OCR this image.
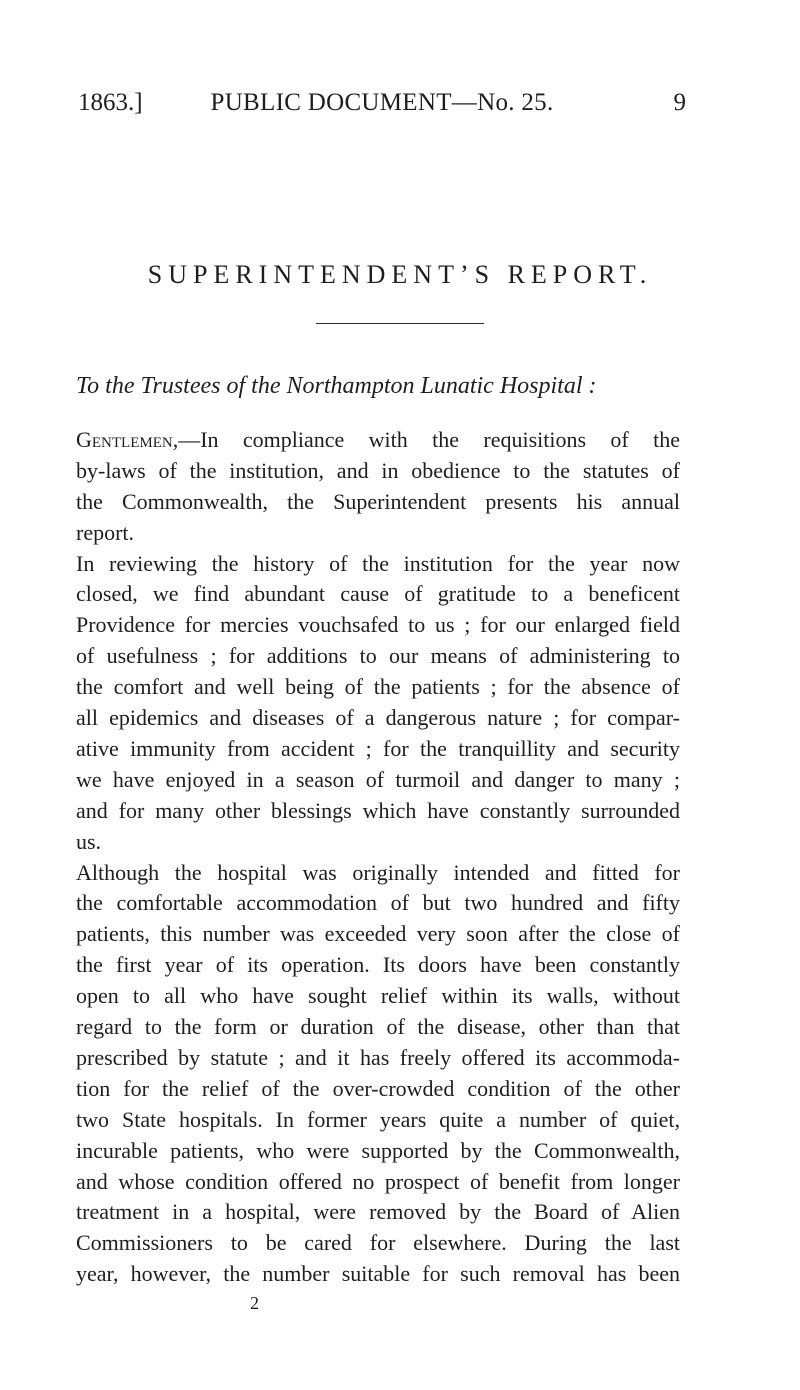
1863.]	PUBLIC DOCUMENT—No. 25.	9
SUPERINTENDENT’S REPORT.
To the Trustees of the Northampton Lunatic Hospital :
Gentlemen,—In compliance with the requisitions of the
by-laws of the institution, and in obedience to the statutes of
the Commonwealth, the Superintendent presents his annual
report.
In reviewing the history of the institution for the year now
closed, we find abundant cause of gratitude to a beneficent
Providence for mercies vouchsafed to us ; for our enlarged field
of usefulness ; for additions to our means of administering to
the comfort and well being of the patients ; for the absence of
all epidemics and diseases of a dangerous nature ; for compar-
ative immunity from accident ; for the tranquillity and security
we have enjoyed in a season of turmoil and danger to many ;
and for many other blessings which have constantly surrounded
us.
Although the hospital was originally intended and fitted for
the comfortable accommodation of but two hundred and fifty
patients, this number was exceeded very soon after the close of
the first year of its operation. Its doors have been constantly
open to all who have sought relief within its walls, without
regard to the form or duration of the disease, other than that
prescribed by statute ; and it has freely offered its accommoda-
tion for the relief of the over-crowded condition of the other
two State hospitals. In former years quite a number of quiet,
incurable patients, who were supported by the Commonwealth,
and whose condition offered no prospect of benefit from longer
treatment in a hospital, were removed by the Board of Alien
Commissioners to be cared for elsewhere. During the last
year, however, the number suitable for such removal has been
2
